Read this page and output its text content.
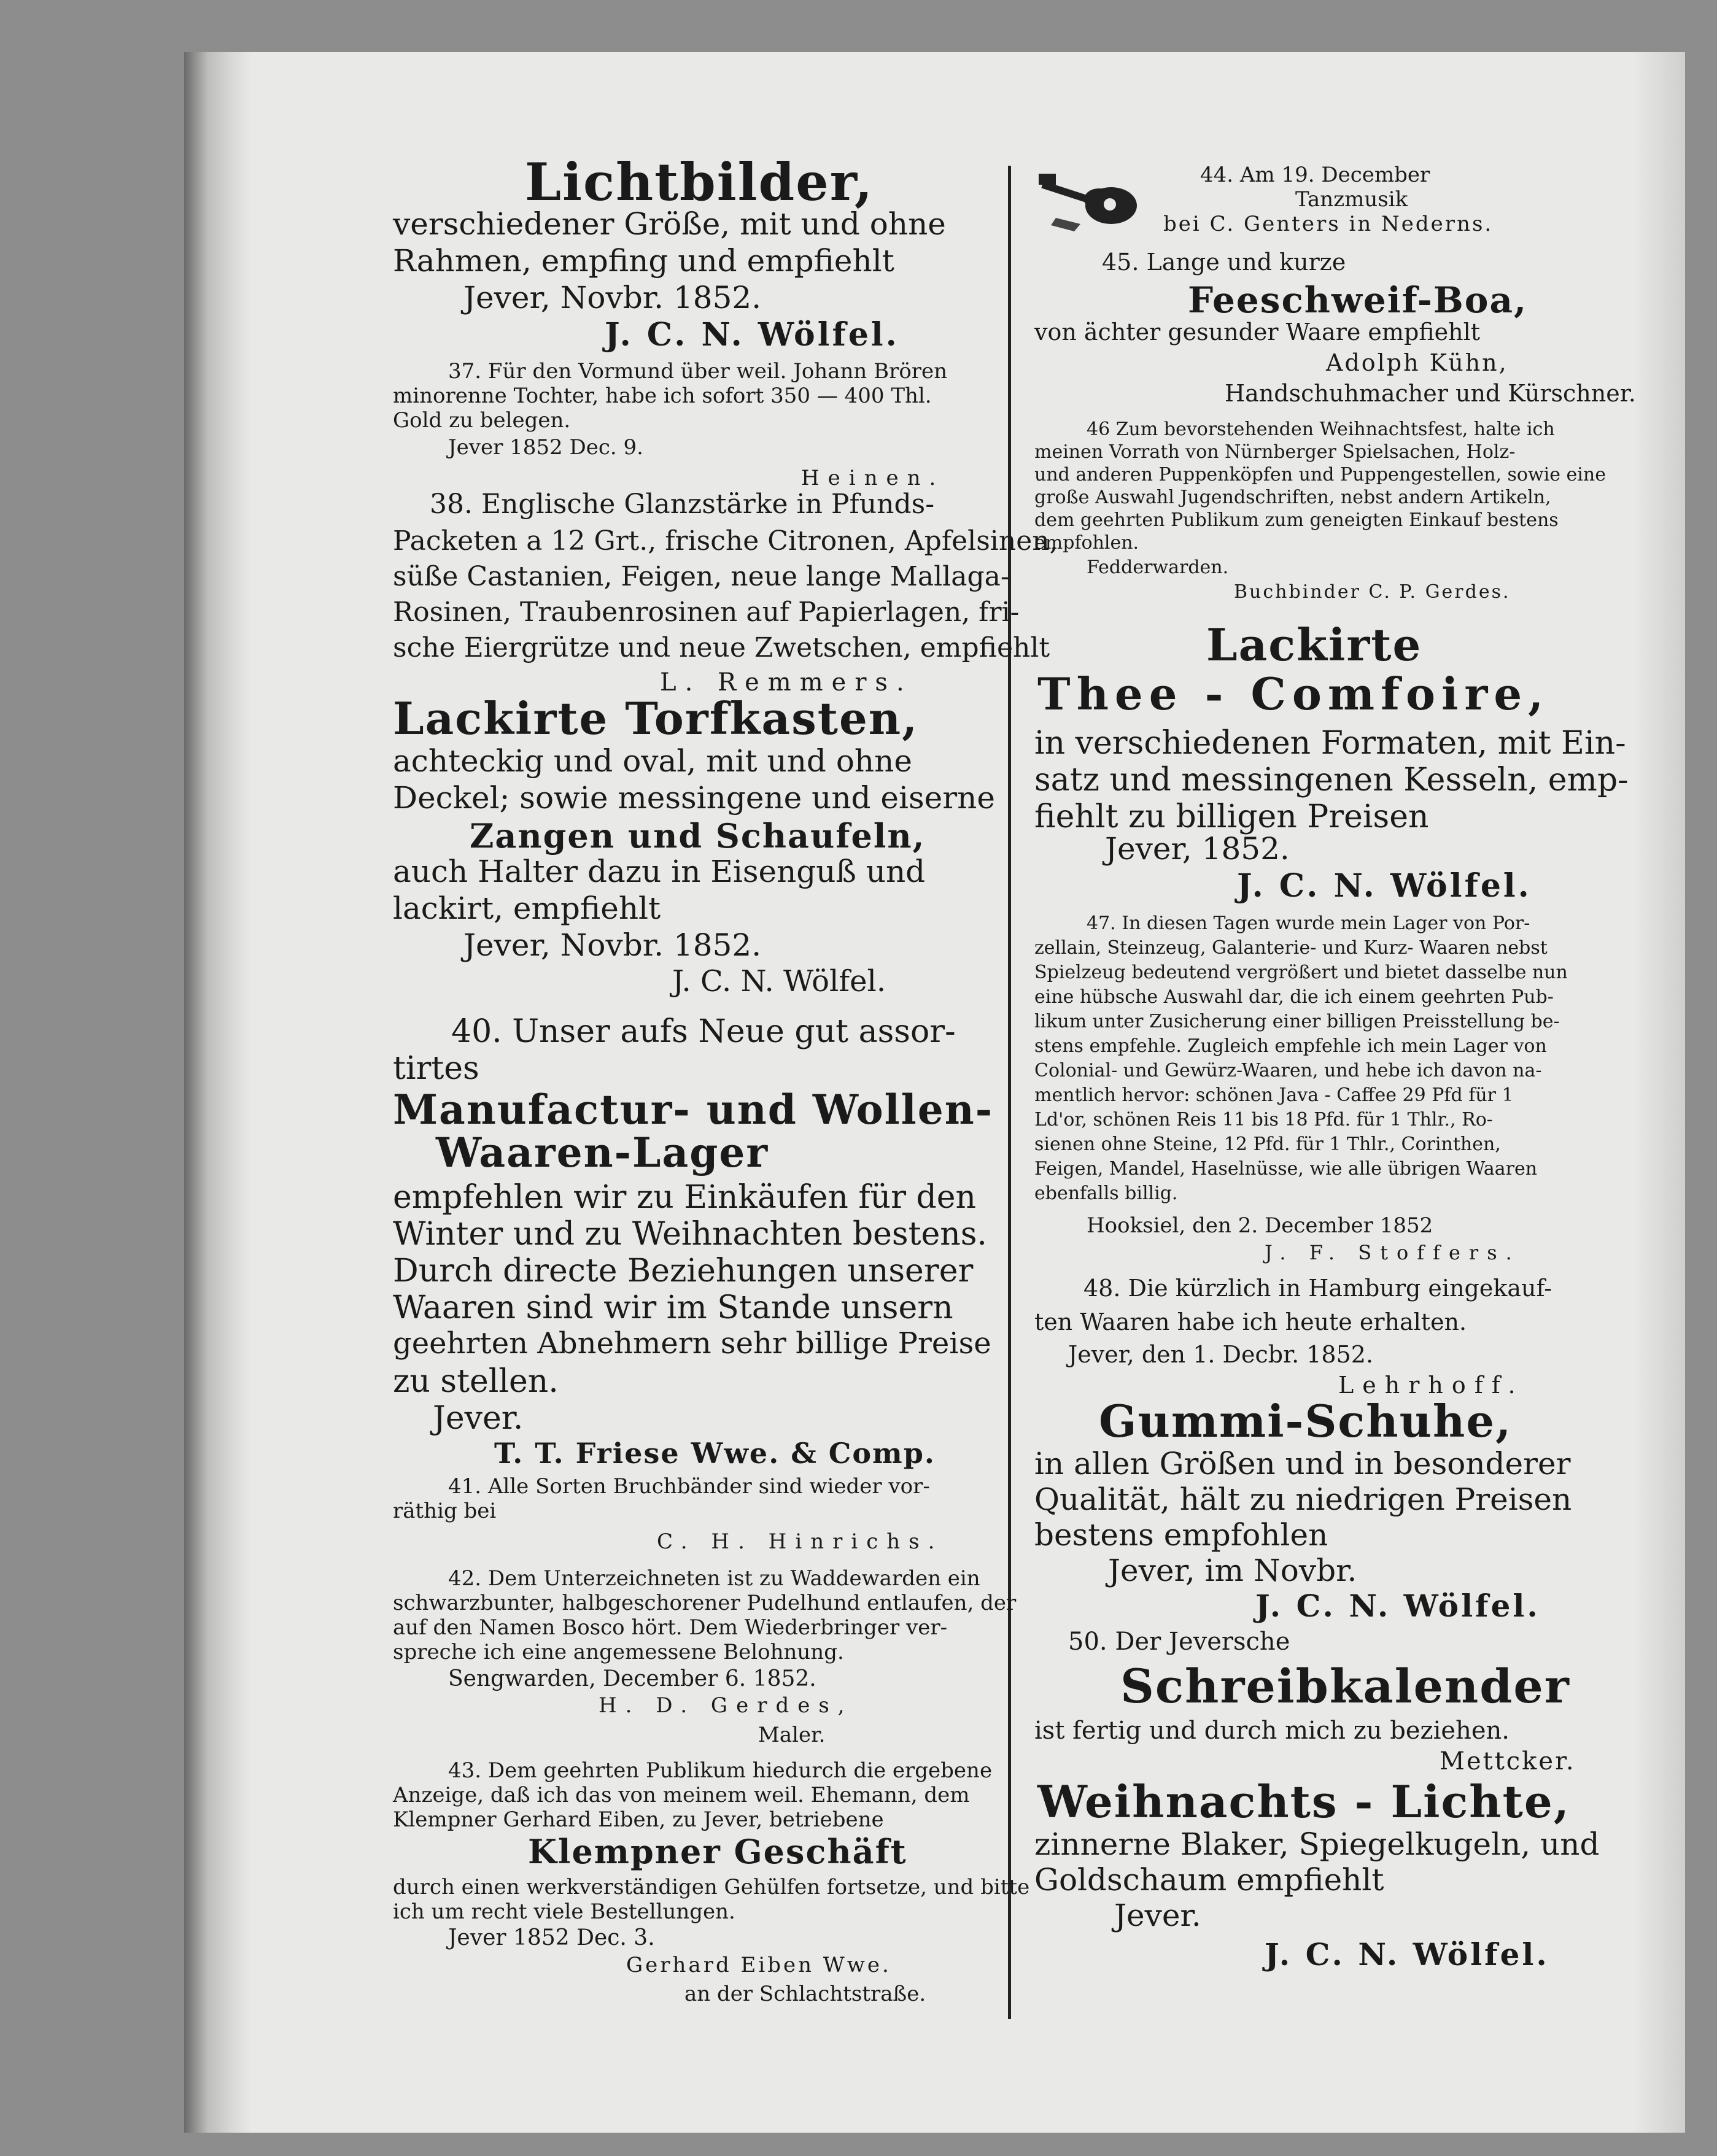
Lichtbilder,
verschiedener Größe, mit und ohne
Rahmen, empfing und empfiehlt
Jever, Novbr. 1852.
J. C. N. Wölfel.
37. Für den Vormund über weil. Johann Brören
minorenne Tochter, habe ich sofort 350 — 400 Thl.
Gold zu belegen.
Jever 1852 Dec. 9.
Heinen.
38. Englische Glanzstärke in Pfunds-
Packeten a 12 Grt., frische Citronen, Apfelsinen,
süße Castanien, Feigen, neue lange Mallaga-
Rosinen, Traubenrosinen auf Papierlagen, fri-
sche Eiergrütze und neue Zwetschen, empfiehlt
L. Remmers.
Lackirte Torfkasten,
achteckig und oval, mit und ohne
Deckel; sowie messingene und eiserne
Zangen und Schaufeln,
auch Halter dazu in Eisenguß und
lackirt, empfiehlt
Jever, Novbr. 1852.
J. C. N. Wölfel.
40. Unser aufs Neue gut assor-
tirtes
Manufactur- und Wollen-
Waaren-Lager
empfehlen wir zu Einkäufen für den
Winter und zu Weihnachten bestens.
Durch directe Beziehungen unserer
Waaren sind wir im Stande unsern
geehrten Abnehmern sehr billige Preise
zu stellen.
Jever.
T. T. Friese Wwe. & Comp.
41. Alle Sorten Bruchbänder sind wieder vor-
räthig bei
C. H. Hinrichs.
42. Dem Unterzeichneten ist zu Waddewarden ein
schwarzbunter, halbgeschorener Pudelhund entlaufen, der
auf den Namen Bosco hört. Dem Wiederbringer ver-
spreche ich eine angemessene Belohnung.
Sengwarden, December 6. 1852.
H. D. Gerdes,
Maler.
43. Dem geehrten Publikum hiedurch die ergebene
Anzeige, daß ich das von meinem weil. Ehemann, dem
Klempner Gerhard Eiben, zu Jever, betriebene
Klempner Geschäft
durch einen werkverständigen Gehülfen fortsetze, und bitte
ich um recht viele Bestellungen.
Jever 1852 Dec. 3.
Gerhard Eiben Wwe.
an der Schlachtstraße.
44. Am 19. December
Tanzmusik
bei C. Genters in Nederns.
45. Lange und kurze
Feeschweif-Boa,
von ächter gesunder Waare empfiehlt
Adolph Kühn,
Handschuhmacher und Kürschner.
46 Zum bevorstehenden Weihnachtsfest, halte ich
meinen Vorrath von Nürnberger Spielsachen, Holz-
und anderen Puppenköpfen und Puppengestellen, sowie eine
große Auswahl Jugendschriften, nebst andern Artikeln,
dem geehrten Publikum zum geneigten Einkauf bestens
empfohlen.
Fedderwarden.
Buchbinder C. P. Gerdes.
Lackirte
Thee - Comfoire,
in verschiedenen Formaten, mit Ein-
satz und messingenen Kesseln, emp-
fiehlt zu billigen Preisen
Jever, 1852.
J. C. N. Wölfel.
47. In diesen Tagen wurde mein Lager von Por-
zellain, Steinzeug, Galanterie- und Kurz- Waaren nebst
Spielzeug bedeutend vergrößert und bietet dasselbe nun
eine hübsche Auswahl dar, die ich einem geehrten Pub-
likum unter Zusicherung einer billigen Preisstellung be-
stens empfehle. Zugleich empfehle ich mein Lager von
Colonial- und Gewürz-Waaren, und hebe ich davon na-
mentlich hervor: schönen Java - Caffee 29 Pfd für 1
Ld'or, schönen Reis 11 bis 18 Pfd. für 1 Thlr., Ro-
sienen ohne Steine, 12 Pfd. für 1 Thlr., Corinthen,
Feigen, Mandel, Haselnüsse, wie alle übrigen Waaren
ebenfalls billig.
Hooksiel, den 2. December 1852
J. F. Stoffers.
48. Die kürzlich in Hamburg eingekauf-
ten Waaren habe ich heute erhalten.
Jever, den 1. Decbr. 1852.
Lehrhoff.
Gummi-Schuhe,
in allen Größen und in besonderer
Qualität, hält zu niedrigen Preisen
bestens empfohlen
Jever, im Novbr.
J. C. N. Wölfel.
50. Der Jeversche
Schreibkalender
ist fertig und durch mich zu beziehen.
Mettcker.
Weihnachts - Lichte,
zinnerne Blaker, Spiegelkugeln, und
Goldschaum empfiehlt
Jever.
J. C. N. Wölfel.
